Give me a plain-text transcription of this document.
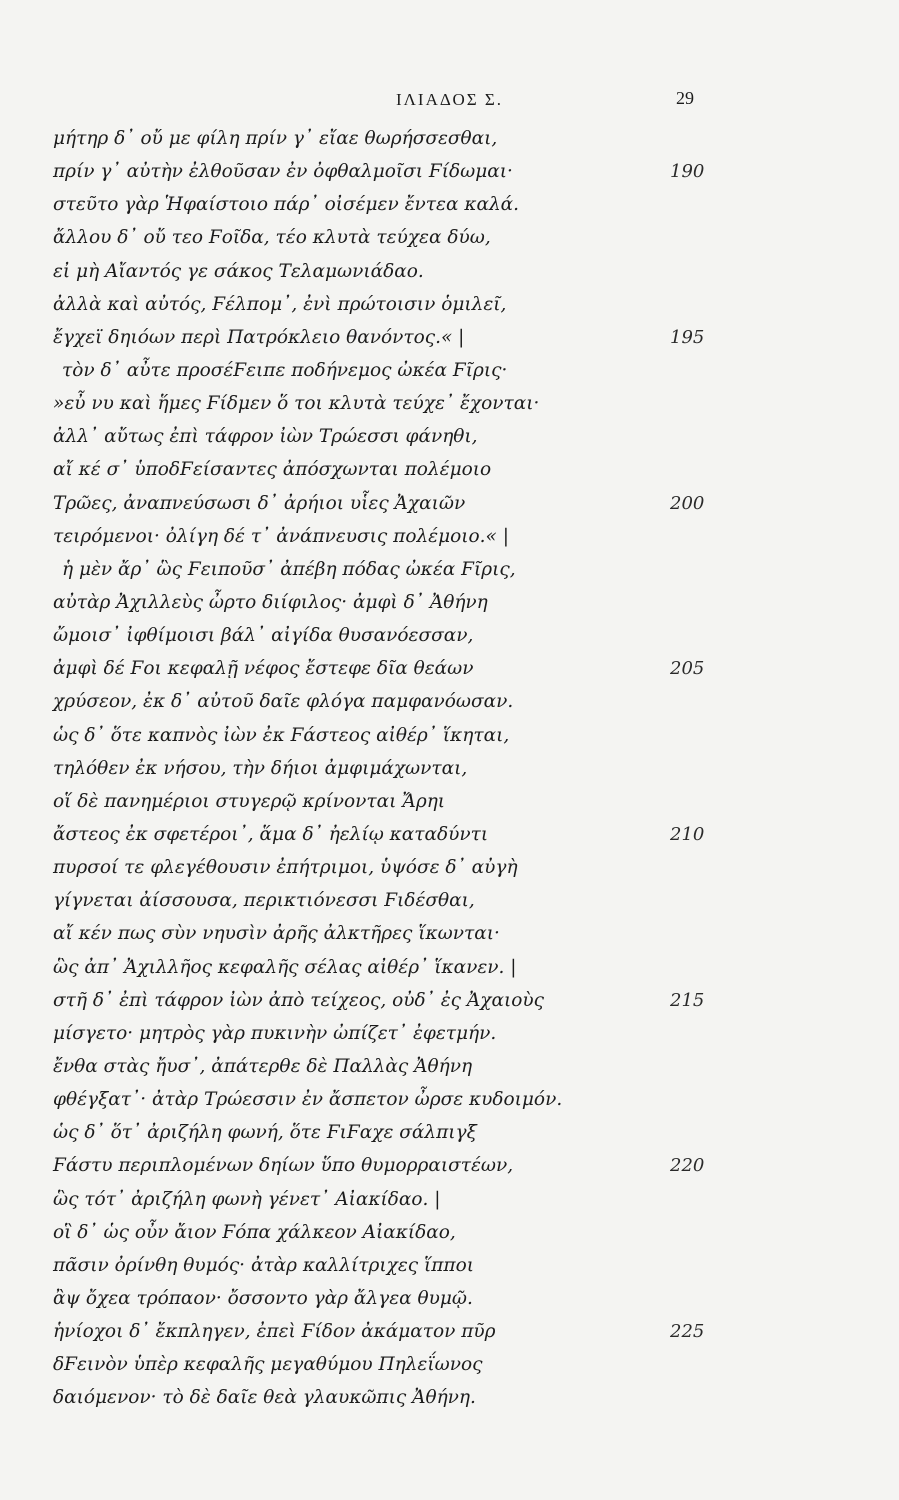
ΙΛΙΑΔΟΣ Σ.	29
μήτηρ δ᾽ οὔ με φίλη πρίν γ᾽ εἴαε θωρήσσεσθαι,
πρίν γ᾽ αὐτὴν ἐλθοῦσαν ἐν ὀφθαλμοῖσι Ϝίδωμαι·	190
στεῦτο γὰρ Ἡφαίστοιο πάρ᾽ οἰσέμεν ἔντεα καλά.
ἄλλου δ᾽ οὔ τεο Ϝοῖδα, τέο κλυτὰ τεύχεα δύω,
εἰ μὴ Αἴαντός γε σάκος Τελαμωνιάδαο.
ἀλλὰ καὶ αὐτός, Ϝέλπομ᾽, ἐνὶ πρώτοισιν ὁμιλεῖ,
ἔγχεϊ δηιόων περὶ Πατρόκλειο θανόντος.« |	195
τὸν δ᾽ αὖτε προσέϜειπε ποδήνεμος ὠκέα Ϝῖρις·
»εὖ νυ καὶ ἥμες Ϝίδμεν ὅ τοι κλυτὰ τεύχε᾽ ἔχονται·
ἀλλ᾽ αὔτως ἐπὶ τάφρον ἰὼν Τρώεσσι φάνηθι,
αἴ κέ σ᾽ ὑποδϜείσαντες ἀπόσχωνται πολέμοιο
Τρῶες, ἀναπνεύσωσι δ᾽ ἀρήιοι υἷες Ἀχαιῶν	200
τειρόμενοι· ὀλίγη δέ τ᾽ ἀνάπνευσις πολέμοιο.« |
ἡ μὲν ἄρ᾽ ὣς Ϝειποῦσ᾽ ἀπέβη πόδας ὠκέα Ϝῖρις,
αὐτὰρ Ἀχιλλεὺς ὦρτο διίφιλος· ἀμφὶ δ᾽ Ἀθήνη
ὤμοισ᾽ ἰφθίμοισι βάλ᾽ αἰγίδα θυσανόεσσαν,
ἀμφὶ δέ Ϝοι κεφαλῇ νέφος ἔστεφε δῖα θεάων	205
χρύσεον, ἐκ δ᾽ αὐτοῦ δαῖε φλόγα παμφανόωσαν.
ὡς δ᾽ ὅτε καπνὸς ἰὼν ἐκ Ϝάστεος αἰθέρ᾽ ἵκηται,
τηλόθεν ἐκ νήσου, τὴν δήιοι ἀμφιμάχωνται,
οἵ δὲ πανημέριοι στυγερῷ κρίνονται Ἄρηι
ἄστεος ἐκ σφετέροι᾽, ἅμα δ᾽ ἠελίῳ καταδύντι	210
πυρσοί τε φλεγέθουσιν ἐπήτριμοι, ὑψόσε δ᾽ αὐγὴ
γίγνεται ἀίσσουσα, περικτιόνεσσι Ϝιδέσθαι,
αἴ κέν πως σὺν νηυσὶν ἀρῆς ἀλκτῆρες ἵκωνται·
ὣς ἀπ᾽ Ἀχιλλῆος κεφαλῆς σέλας αἰθέρ᾽ ἵκανεν. |
στῆ δ᾽ ἐπὶ τάφρον ἰὼν ἀπὸ τείχεος, οὐδ᾽ ἐς Ἀχαιοὺς	215
μίσγετο· μητρὸς γὰρ πυκινὴν ὠπίζετ᾽ ἐφετμήν.
ἔνθα στὰς ἤυσ᾽, ἀπάτερθε δὲ Παλλὰς Ἀθήνη
φθέγξατ᾽· ἀτὰρ Τρώεσσιν ἐν ἄσπετον ὦρσε κυδοιμόν.
ὡς δ᾽ ὅτ᾽ ἀριζήλη φωνή, ὅτε ϜιϜαχε σάλπιγξ
Ϝάστυ περιπλομένων δηίων ὕπο θυμορραιστέων,	220
ὣς τότ᾽ ἀριζήλη φωνὴ γένετ᾽ Αἰακίδαο. |
οἳ δ᾽ ὡς οὖν ἄιον Ϝόπα χάλκεον Αἰακίδαο,
πᾶσιν ὀρίνθη θυμός· ἀτὰρ καλλίτριχες ἵπποι
ἂψ ὄχεα τρόπαον· ὄσσοντο γὰρ ἄλγεα θυμῷ.
ἡνίοχοι δ᾽ ἔκπληγεν, ἐπεὶ Ϝίδον ἀκάματον πῦρ	225
δϜεινὸν ὑπὲρ κεφαλῆς μεγαθύμου Πηλεΐωνος
δαιόμενον· τὸ δὲ δαῖε θεὰ γλαυκῶπις Ἀθήνη.
